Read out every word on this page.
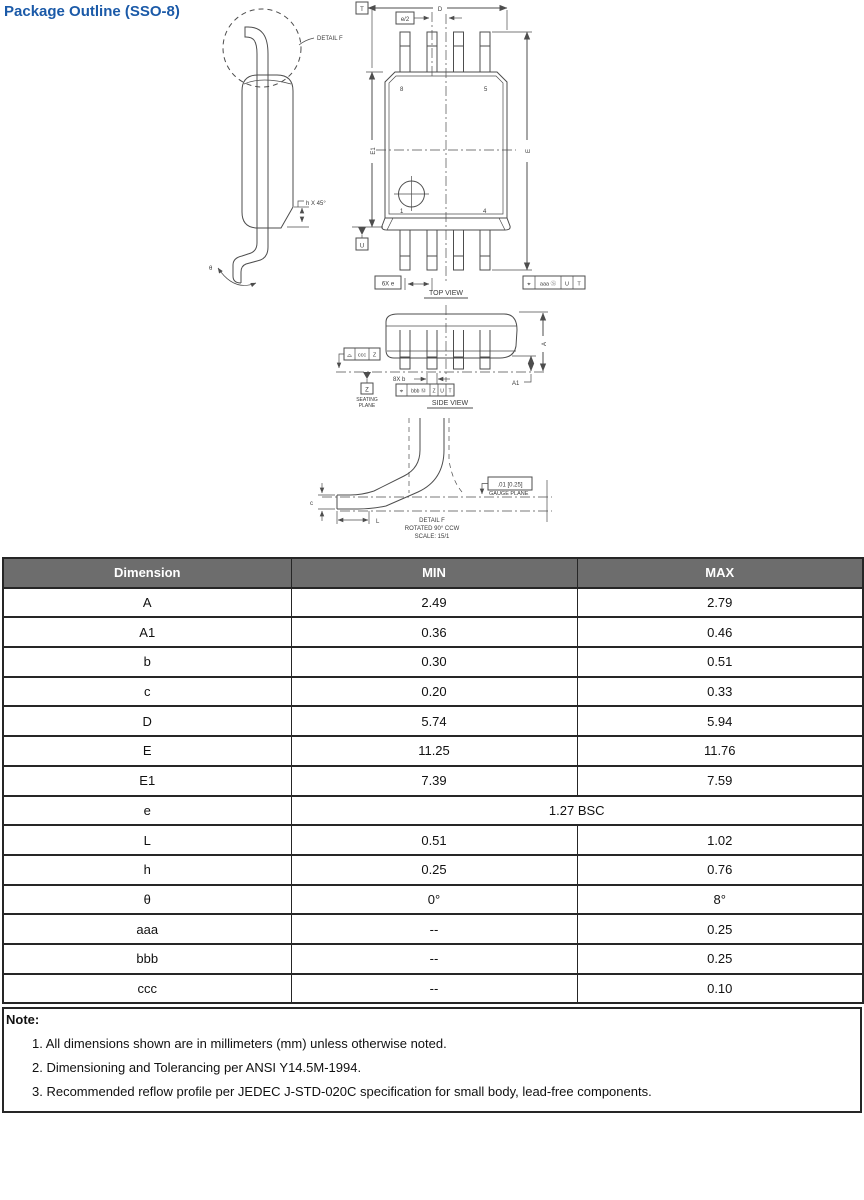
Package Outline (SSO-8)
DETAIL F
θ
h X 45°
8	5
1	4
T	D
e/2
E1	E
U
6X e	⌖ aaa Ⓢ U T
TOP VIEW
A
A1
⌓ ccc Z
Z
SEATING
PLANE
8X b
⌖ bbb Ⓜ Z U T
SIDE VIEW
.01 [0.25]
GAUGE PLANE
c
L	DETAIL F
ROTATED 90° CCW
SCALE: 15/1
Dimension	MIN	MAX
A	2.49	2.79
A1	0.36	0.46
b	0.30	0.51
c	0.20	0.33
D	5.74	5.94
E	11.25	11.76
E1	7.39	7.59
e	1.27 BSC	
L	0.51	1.02
h	0.25	0.76
θ	0°	8°
aaa	--	0.25
bbb	--	0.25
ccc	--	0.10
Note:
1. All dimensions shown are in millimeters (mm) unless otherwise noted.
2. Dimensioning and Tolerancing per ANSI Y14.5M-1994.
3. Recommended reflow profile per JEDEC J-STD-020C specification for small body, lead-free components.
